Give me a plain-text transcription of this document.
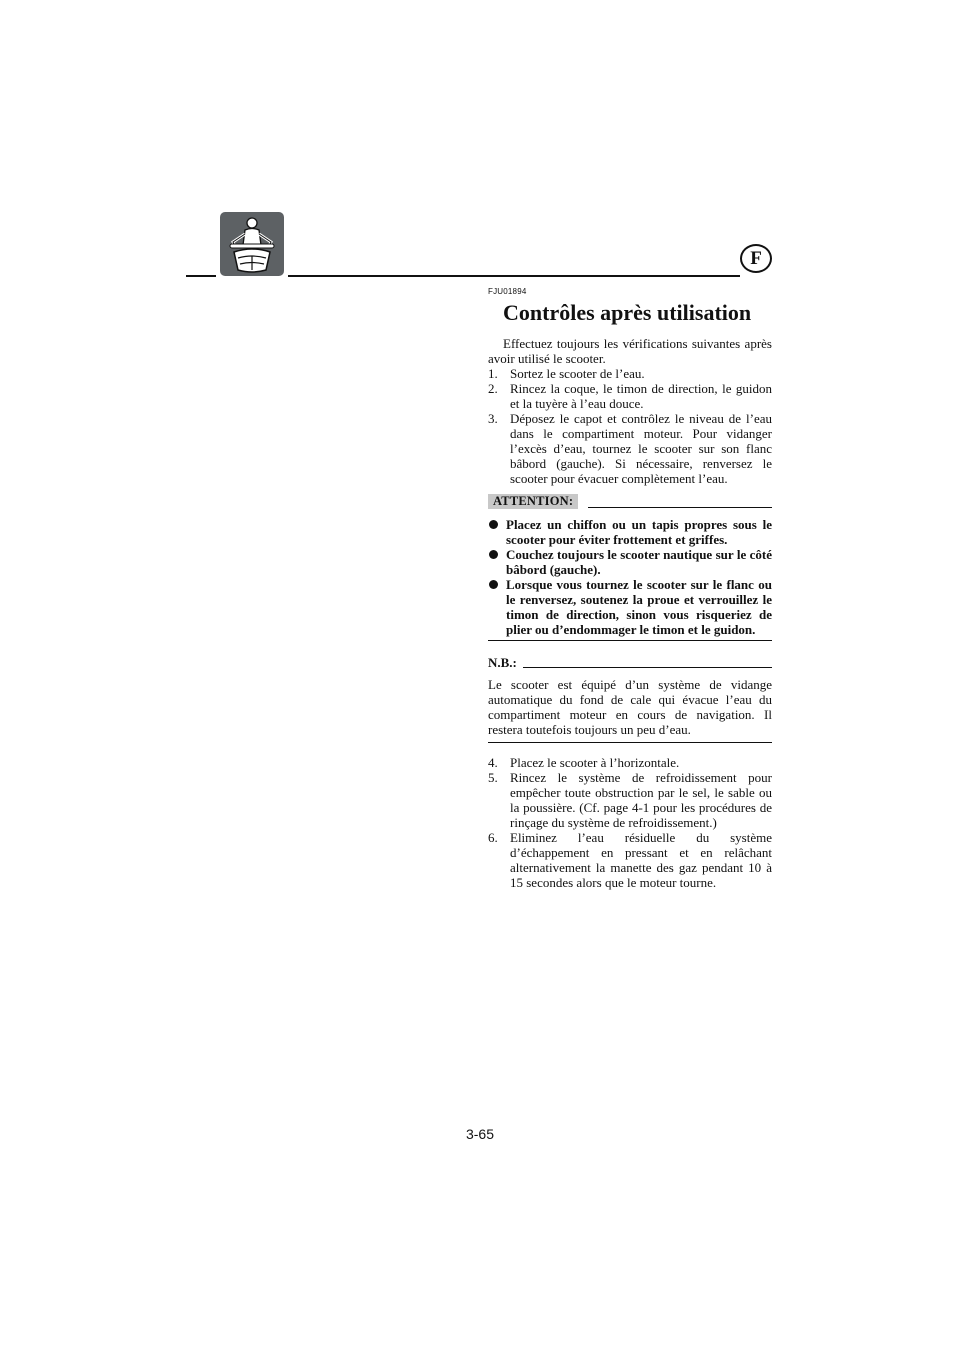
F

FJU01894

Contrôles après utilisation

Effectuez toujours les vérifications suivantes après avoir utilisé le scooter.

1. Sortez le scooter de l’eau.
2. Rincez la coque, le timon de direction, le guidon et la tuyère à l’eau douce.
3. Déposez le capot et contrôlez le niveau de l’eau dans le compartiment moteur. Pour vidanger l’excès d’eau, tournez le scooter sur son flanc bâbord (gauche). Si nécessaire, renversez le scooter pour évacuer complètement l’eau.
ATTENTION:
Placez un chiffon ou un tapis propres sous le scooter pour éviter frottement et griffes.
Couchez toujours le scooter nautique sur le côté bâbord (gauche).
Lorsque vous tournez le scooter sur le flanc ou le renversez, soutenez la proue et verrouillez le timon de direction, sinon vous risqueriez de plier ou d’endommager le timon et le guidon.
N.B.:

Le scooter est équipé d’un système de vidange automatique du fond de cale qui évacue l’eau du compartiment moteur en cours de navigation. Il restera toutefois toujours un peu d’eau.

4. Placez le scooter à l’horizontale.
5. Rincez le système de refroidissement pour empêcher toute obstruction par le sel, le sable ou la poussière. (Cf. page 4-1 pour les procédures de rinçage du système de refroidissement.)
6. Eliminez l’eau résiduelle du système d’échappement en pressant et en relâchant alternativement la manette des gaz pendant 10 à 15 secondes alors que le moteur tourne.
3-65
